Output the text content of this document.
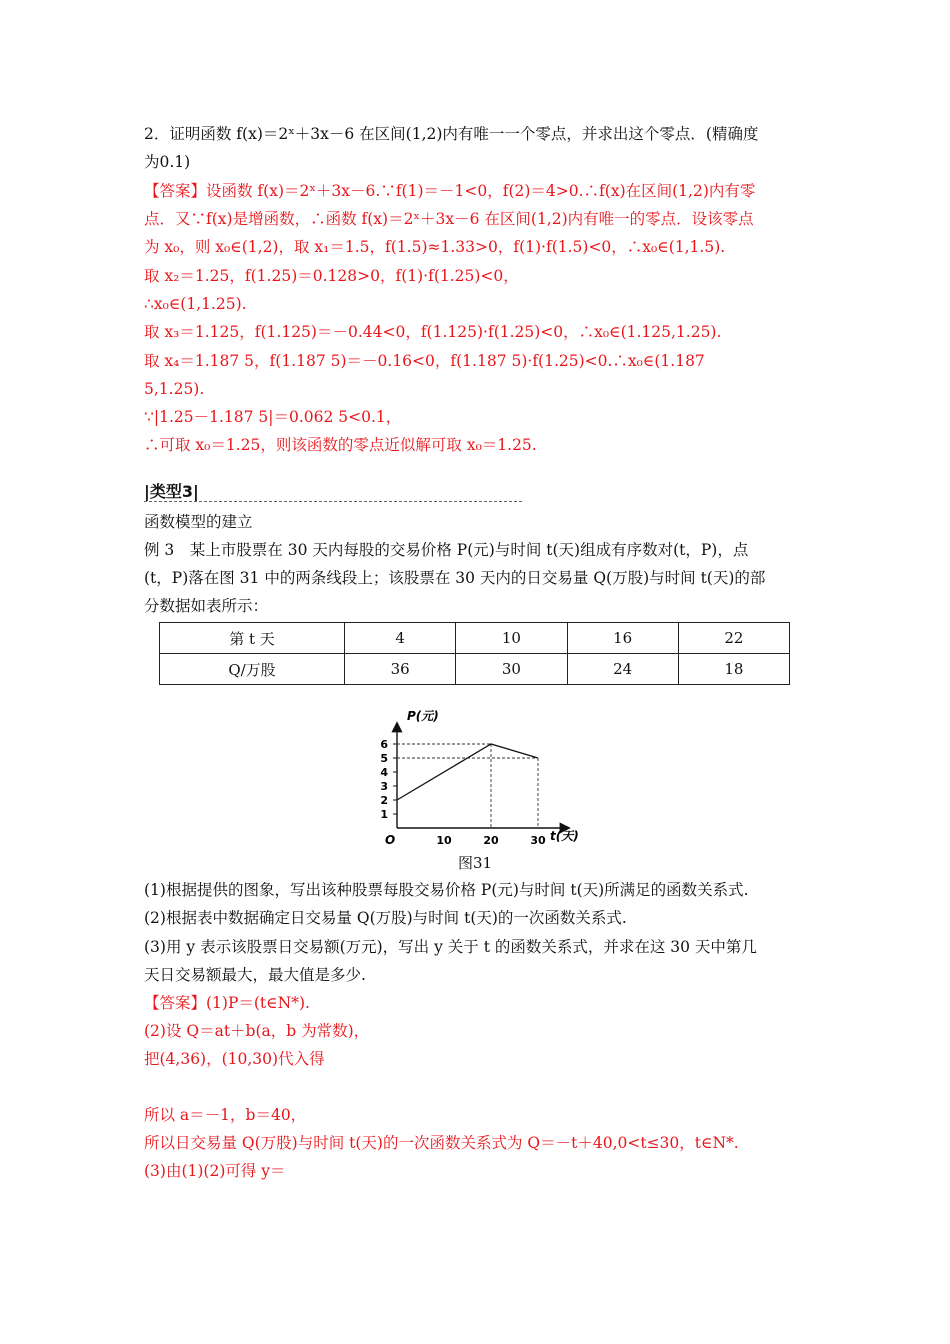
2．证明函数 f(x)＝2ˣ＋3x－6 在区间(1,2)内有唯一一个零点，并求出这个零点．(精确度
为0.1)
【答案】设函数 f(x)＝2ˣ＋3x－6.∵f(1)＝－1<0，f(2)＝4>0.∴f(x)在区间(1,2)内有零
点．又∵f(x)是增函数，∴函数 f(x)＝2ˣ＋3x－6 在区间(1,2)内有唯一的零点．设该零点
为 x₀，则 x₀∈(1,2)，取 x₁＝1.5，f(1.5)≈1.33>0，f(1)·f(1.5)<0，∴x₀∈(1,1.5).
取 x₂＝1.25，f(1.25)＝0.128>0，f(1)·f(1.25)<0，
∴x₀∈(1,1.25).
取 x₃＝1.125，f(1.125)＝－0.44<0，f(1.125)·f(1.25)<0，∴x₀∈(1.125,1.25).
取 x₄＝1.187 5，f(1.187 5)＝－0.16<0，f(1.187 5)·f(1.25)<0.∴x₀∈(1.187
5,1.25).
∵|1.25－1.187 5|＝0.062 5<0.1，
∴可取 x₀＝1.25，则该函数的零点近似解可取 x₀＝1.25.
|类型3|
函数模型的建立
例 3　某上市股票在 30 天内每股的交易价格 P(元)与时间 t(天)组成有序数对(t，P)，点
(t，P)落在图 31 中的两条线段上；该股票在 30 天内的日交易量 Q(万股)与时间 t(天)的部
分数据如表所示：
第 t 天	4	10	16	22
Q/万股	36	30	24	18
1
2
3
4
5
6
10	20	30
P(元)
t(天)
O
图31
(1)根据提供的图象，写出该种股票每股交易价格 P(元)与时间 t(天)所满足的函数关系式.
(2)根据表中数据确定日交易量 Q(万股)与时间 t(天)的一次函数关系式.
(3)用 y 表示该股票日交易额(万元)，写出 y 关于 t 的函数关系式，并求在这 30 天中第几
天日交易额最大，最大值是多少.
【答案】(1)P＝(t∈N*).
(2)设 Q＝at＋b(a，b 为常数)，
把(4,36)，(10,30)代入得
所以 a＝－1，b＝40，
所以日交易量 Q(万股)与时间 t(天)的一次函数关系式为 Q＝－t＋40,0<t≤30，t∈N*.
(3)由(1)(2)可得 y＝
